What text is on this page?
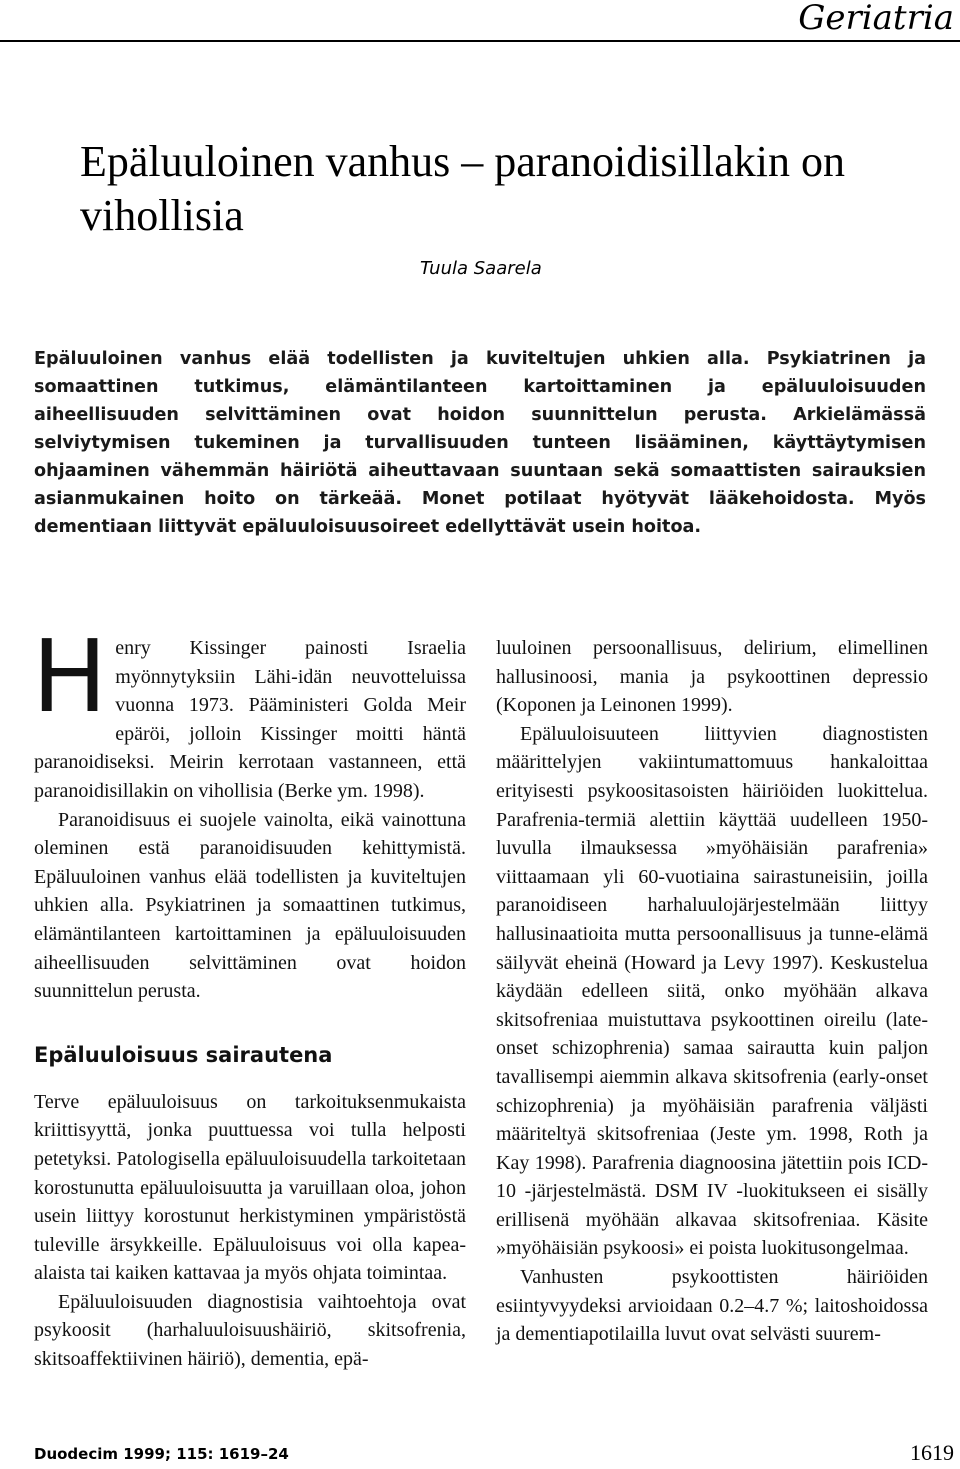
Geriatria
Epäluuloinen vanhus – paranoidisillakin on vihollisia
Tuula Saarela
Epäluuloinen vanhus elää todellisten ja kuviteltujen uhkien alla. Psykiatrinen ja somaattinen tutkimus, elämäntilanteen kartoittaminen ja epäluuloisuuden aiheellisuuden selvittäminen ovat hoidon suunnittelun perusta. Arkielämässä selviytymisen tukeminen ja turvallisuuden tunteen lisääminen, käyttäytymisen ohjaaminen vähemmän häiriötä aiheuttavaan suuntaan sekä somaattisten sairauksien asianmukainen hoito on tärkeää. Monet potilaat hyötyvät lääkehoidosta. Myös dementiaan liittyvät epäluuloisuusoireet edellyttävät usein hoitoa.

Henry Kissinger painosti Israelia myönnytyksiin Lähi-idän neuvotteluissa vuonna 1973. Pääministeri Golda Meir epäröi, jolloin Kissinger moitti häntä paranoidiseksi. Meirin kerrotaan vastanneen, että paranoidisillakin on vihollisia (Berke ym. 1998).

Paranoidisuus ei suojele vainolta, eikä vainottuna oleminen estä paranoidisuuden kehittymistä. Epäluuloinen vanhus elää todellisten ja kuviteltujen uhkien alla. Psykiatrinen ja somaattinen tutkimus, elämäntilanteen kartoittaminen ja epäluuloisuuden aiheellisuuden selvittäminen ovat hoidon suunnittelun perusta.

Epäluuloisuus sairautena

Terve epäluuloisuus on tarkoituksenmukaista kriittisyyttä, jonka puuttuessa voi tulla helposti petetyksi. Patologisella epäluuloisuudella tarkoitetaan korostunutta epäluuloisuutta ja varuillaan oloa, johon usein liittyy korostunut herkistyminen ympäristöstä tuleville ärsykkeille. Epäluuloisuus voi olla kapea-alaista tai kaiken kattavaa ja myös ohjata toimintaa.

Epäluuloisuuden diagnostisia vaihtoehtoja ovat psykoosit (harhaluuloisuushäiriö, skitsofrenia, skitsoaffektiivinen häiriö), dementia, epä-

luuloinen persoonallisuus, delirium, elimellinen hallusinoosi, mania ja psykoottinen depressio (Koponen ja Leinonen 1999).

Epäluuloisuuteen liittyvien diagnostisten määrittelyjen vakiintumattomuus hankaloittaa erityisesti psykoositasoisten häiriöiden luokittelua. Parafrenia-termiä alettiin käyttää uudelleen 1950-luvulla ilmauksessa »myöhäisiän parafrenia» viittaamaan yli 60-vuotiaina sairastuneisiin, joilla paranoidiseen harhaluulojärjestelmään liittyy hallusinaatioita mutta persoonallisuus ja tunne-elämä säilyvät eheinä (Howard ja Levy 1997). Keskustelua käydään edelleen siitä, onko myöhään alkava skitsofreniaa muistuttava psykoottinen oireilu (late-onset schizophrenia) samaa sairautta kuin paljon tavallisempi aiemmin alkava skitsofrenia (early-onset schizophrenia) ja myöhäisiän parafrenia väljästi määriteltyä skitsofreniaa (Jeste ym. 1998, Roth ja Kay 1998). Parafrenia diagnoosina jätettiin pois ICD-10 -järjestelmästä. DSM IV -luokitukseen ei sisälly erillisenä myöhään alkavaa skitsofreniaa. Käsite »myöhäisiän psykoosi» ei poista luokitusongelmaa.

Vanhusten psykoottisten häiriöiden esiintyvyydeksi arvioidaan 0.2–4.7 %; laitoshoidossa ja dementiapotilailla luvut ovat selvästi suurem-

Duodecim 1999; 115: 1619–24	1619
